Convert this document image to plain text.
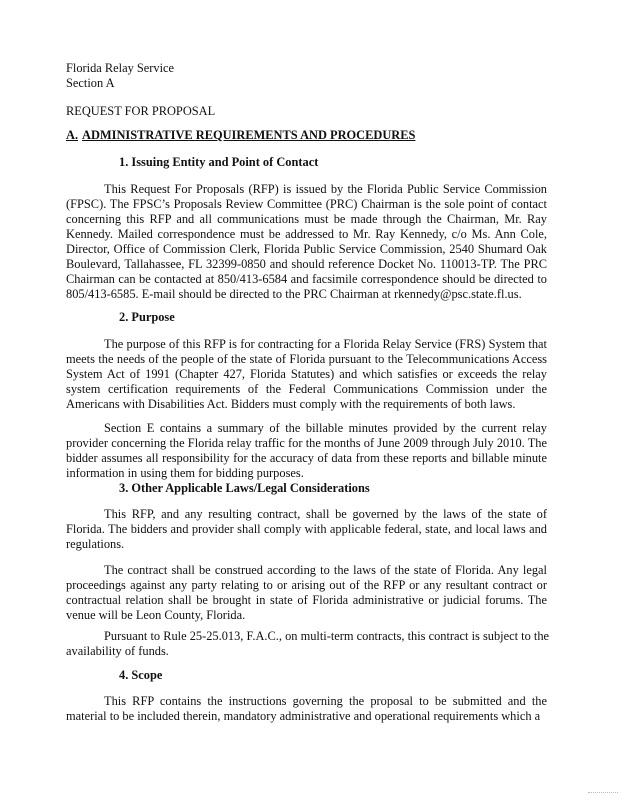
Florida Relay Service
Section A
REQUEST FOR PROPOSAL
A. ADMINISTRATIVE REQUIREMENTS AND PROCEDURES
1. Issuing Entity and Point of Contact
This Request For Proposals (RFP) is issued by the Florida Public Service Commission
(FPSC). The FPSC’s Proposals Review Committee (PRC) Chairman is the sole point of contact
concerning this RFP and all communications must be made through the Chairman, Mr. Ray
Kennedy. Mailed correspondence must be addressed to Mr. Ray Kennedy, c/o Ms. Ann Cole,
Director, Office of Commission Clerk, Florida Public Service Commission, 2540 Shumard Oak
Boulevard, Tallahassee, FL 32399-0850 and should reference Docket No. 110013-TP. The PRC
Chairman can be contacted at 850/413-6584 and facsimile correspondence should be directed to
805/413-6585. E-mail should be directed to the PRC Chairman at rkennedy@psc.state.fl.us.
2. Purpose
The purpose of this RFP is for contracting for a Florida Relay Service (FRS) System that
meets the needs of the people of the state of Florida pursuant to the Telecommunications Access
System Act of 1991 (Chapter 427, Florida Statutes) and which satisfies or exceeds the relay
system certification requirements of the Federal Communications Commission under the
Americans with Disabilities Act. Bidders must comply with the requirements of both laws.
Section E contains a summary of the billable minutes provided by the current relay
provider concerning the Florida relay traffic for the months of June 2009 through July 2010. The
bidder assumes all responsibility for the accuracy of data from these reports and billable minute
information in using them for bidding purposes.
3. Other Applicable Laws/Legal Considerations
This RFP, and any resulting contract, shall be governed by the laws of the state of
Florida. The bidders and provider shall comply with applicable federal, state, and local laws and
regulations.
The contract shall be construed according to the laws of the state of Florida. Any legal
proceedings against any party relating to or arising out of the RFP or any resultant contract or
contractual relation shall be brought in state of Florida administrative or judicial forums. The
venue will be Leon County, Florida.
Pursuant to Rule 25-25.013, F.A.C., on multi-term contracts, this contract is subject to the
availability of funds.
4. Scope
This RFP contains the instructions governing the proposal to be submitted and the
material to be included therein, mandatory administrative and operational requirements which a
